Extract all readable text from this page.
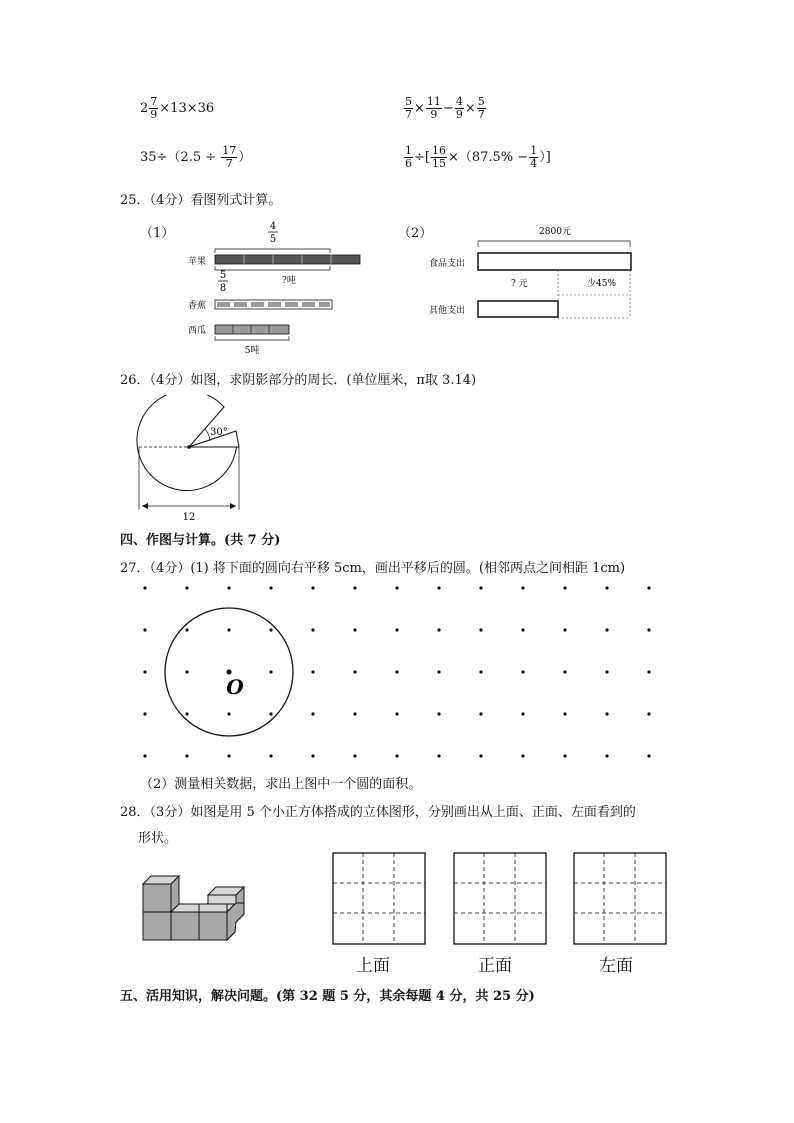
$2 \frac{7}{9} \times 13\times 36$	$\frac{5}{7} \times \frac{11}{9} - \frac{4}{9} \times \frac{5}{7}$
$35\div(2.5 \div \frac{17}{7}$ ）	$\frac{1}{6}$ ÷[ $\frac{16}{15} \times(87.5\% - \frac{1}{4}$ ）]
25．（4分）看图列式计算。
（1）	（2）
4
5
苹果
5
8
?吨
香蕉
西瓜
5吨
2800元
食品支出
? 元	少45%
其他支出
26．（4分）如图，求阴影部分的周长．(单位厘米，π取 3.14)
30°
12
四、作图与计算。(共 7 分)
27．（4分）(1) 将下面的圆向右平移 5cm，画出平移后的圆。(相邻两点之间相距 1cm)
O
（2）测量相关数据，求出上图中一个圆的面积。
28．（3分）如图是用 5 个小正方体搭成的立体图形，分别画出从上面、正面、左面看到的
形状。
上面	正面	左面
五、活用知识，解决问题。(第 32 题 5 分，其余每题 4 分，共 25 分)
